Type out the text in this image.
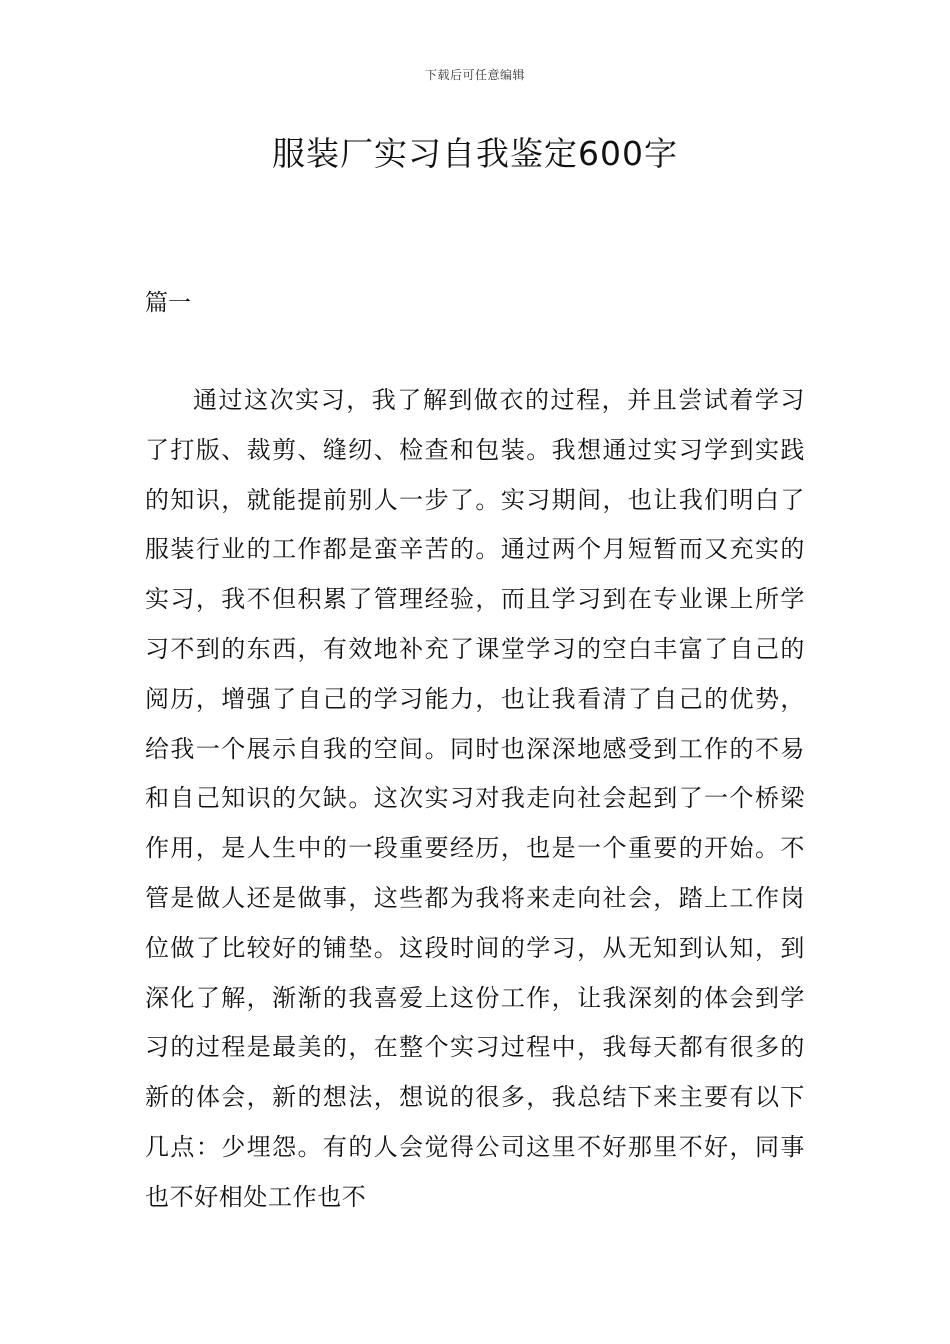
下载后可任意编辑
服装厂实习自我鉴定600字
篇一

通过这次实习，我了解到做衣的过程，并且尝试着学习了打版、裁剪、缝纫、检查和包装。我想通过实习学到实践的知识，就能提前别人一步了。实习期间，也让我们明白了服装行业的工作都是蛮辛苦的。通过两个月短暂而又充实的实习，我不但积累了管理经验，而且学习到在专业课上所学习不到的东西，有效地补充了课堂学习的空白丰富了自己的阅历，增强了自己的学习能力，也让我看清了自己的优势，给我一个展示自我的空间。同时也深深地感受到工作的不易和自己知识的欠缺。这次实习对我走向社会起到了一个桥梁作用，是人生中的一段重要经历，也是一个重要的开始。不管是做人还是做事，这些都为我将来走向社会，踏上工作岗位做了比较好的铺垫。这段时间的学习，从无知到认知，到深化了解，渐渐的我喜爱上这份工作，让我深刻的体会到学习的过程是最美的，在整个实习过程中，我每天都有很多的新的体会，新的想法，想说的很多，我总结下来主要有以下几点：少埋怨。有的人会觉得公司这里不好那里不好，同事也不好相处工作也不
